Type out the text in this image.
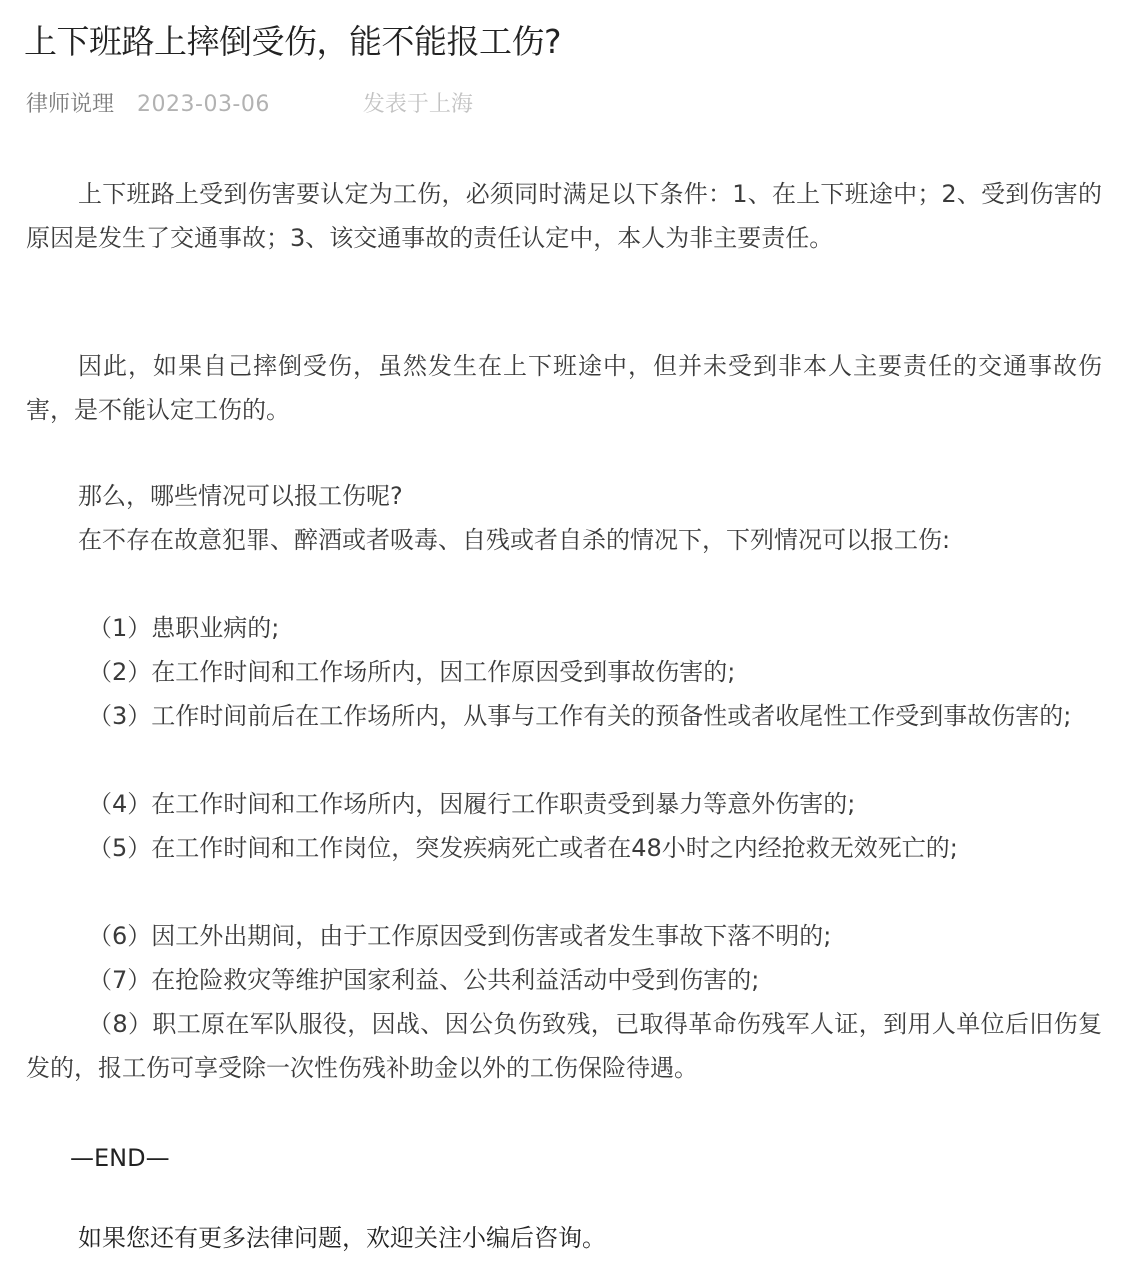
上下班路上摔倒受伤，能不能报工伤?
律师说理 2023-03-06	发表于上海
上下班路上受到伤害要认定为工伤，必须同时满足以下条件：1、在上下班途中；2、受到伤害的原因是发生了交通事故；3、该交通事故的责任认定中，本人为非主要责任。
因此，如果自己摔倒受伤，虽然发生在上下班途中，但并未受到非本人主要责任的交通事故伤害，是不能认定工伤的。
那么，哪些情况可以报工伤呢?
在不存在故意犯罪、醉酒或者吸毒、自残或者自杀的情况下，下列情况可以报工伤:
（1）患职业病的;
（2）在工作时间和工作场所内，因工作原因受到事故伤害的;
（3）工作时间前后在工作场所内，从事与工作有关的预备性或者收尾性工作受到事故伤害的;
（4）在工作时间和工作场所内，因履行工作职责受到暴力等意外伤害的;
（5）在工作时间和工作岗位，突发疾病死亡或者在48小时之内经抢救无效死亡的;
（6）因工外出期间，由于工作原因受到伤害或者发生事故下落不明的;
（7）在抢险救灾等维护国家利益、公共利益活动中受到伤害的;
（8）职工原在军队服役，因战、因公负伤致残，已取得革命伤残军人证，到用人单位后旧伤复发的，报工伤可享受除一次性伤残补助金以外的工伤保险待遇。
—END—
如果您还有更多法律问题，欢迎关注小编后咨询。
